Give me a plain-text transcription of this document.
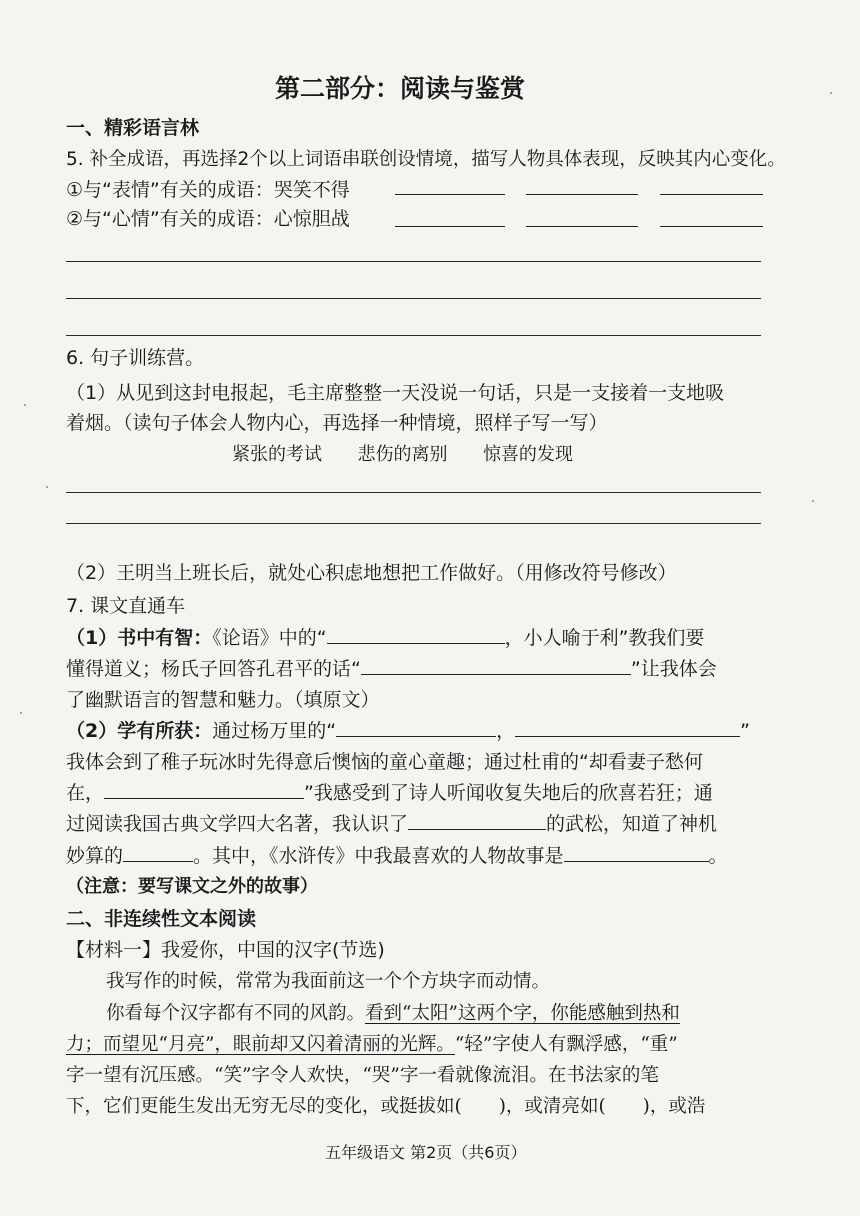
第二部分：阅读与鉴赏
一、精彩语言林
5. 补全成语，再选择2个以上词语串联创设情境，描写人物具体表现，反映其内心变化。
①与“表情”有关的成语：哭笑不得
②与“心情”有关的成语：心惊胆战
6. 句子训练营。
（1）从见到这封电报起，毛主席整整一天没说一句话，只是一支接着一支地吸
着烟。（读句子体会人物内心，再选择一种情境，照样子写一写）
紧张的考试 悲伤的离别 惊喜的发现
（2）王明当上班长后，就处心积虑地想把工作做好。（用修改符号修改）
7. 课文直通车
（1）书中有智：《论语》中的“	，小人喻于利”教我们要
懂得道义；杨氏子回答孔君平的话“	”让我体会
了幽默语言的智慧和魅力。（填原文）
（2）学有所获：通过杨万里的“	，	”
我体会到了稚子玩冰时先得意后懊恼的童心童趣；通过杜甫的“却看妻子愁何
在，	”我感受到了诗人听闻收复失地后的欣喜若狂；通
过阅读我国古典文学四大名著，我认识了	的武松，知道了神机
妙算的	。其中，《水浒传》中我最喜欢的人物故事是	。
（注意：要写课文之外的故事）
二、非连续性文本阅读
【材料一】我爱你，中国的汉字(节选)
我写作的时候，常常为我面前这一个个方块字而动情。
你看每个汉字都有不同的风韵。看到“太阳”这两个字，你能感触到热和
力；而望见“月亮”，眼前却又闪着清丽的光辉。“轻”字使人有飘浮感，“重”
字一望有沉压感。“笑”字令人欢快，“哭”字一看就像流泪。在书法家的笔
下，它们更能生发出无穷无尽的变化，或挺拔如(　　)，或清亮如(　　)，或浩
五年级语文 第2页（共6页）
